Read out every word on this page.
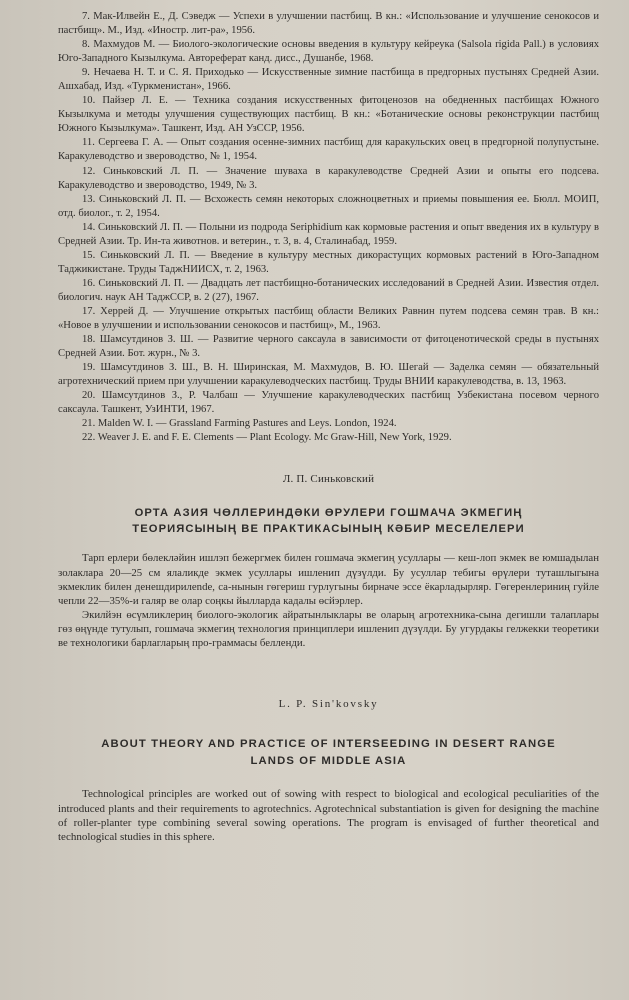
7. Мак-Илвейн Е., Д. Сэведж — Успехи в улучшении пастбищ. В кн.: «Использование и улучшение сенокосов и пастбищ». М., Изд. «Иностр. лит-ра», 1956.

8. Махмудов М. — Биолого-экологические основы введения в культуру кейреука (Salsola rigida Pall.) в условиях Юго-Западного Кызылкума. Автореферат канд. дисс., Душанбе, 1968.

9. Нечаева Н. Т. и С. Я. Приходько — Искусственные зимние пастбища в предгорных пустынях Средней Азии. Ашхабад, Изд. «Туркменистан», 1966.

10. Пайзер Л. Е. — Техника создания искусственных фитоценозов на обедненных пастбищах Южного Кызылкума и методы улучшения существующих пастбищ. В кн.: «Ботанические основы реконструкции пастбищ Южного Кызылкума». Ташкент, Изд. АН УзССР, 1956.

11. Сергеева Г. А. — Опыт создания осенне-зимних пастбищ для каракульских овец в предгорной полупустыне. Каракулеводство и звероводство, № 1, 1954.

12. Синьковский Л. П. — Значение шуваха в каракулеводстве Средней Азии и опыты его подсева. Каракулеводство и звероводство, 1949, № 3.

13. Синьковский Л. П. — Всхожесть семян некоторых сложноцветных и приемы повышения ее. Бюлл. МОИП, отд. биолог., т. 2, 1954.

14. Синьковский Л. П. — Полыни из подрода Seriphidium как кормовые растения и опыт введения их в культуру в Средней Азии. Тр. Ин-та животнов. и ветерин., т. 3, в. 4, Сталинабад, 1959.

15. Синьковский Л. П. — Введение в культуру местных дикорастущих кормовых растений в Юго-Западном Таджикистане. Труды ТаджНИИСХ, т. 2, 1963.

16. Синьковский Л. П. — Двадцать лет пастбищно-ботанических исследований в Средней Азии. Известия отдел. биологич. наук АН ТаджССР, в. 2 (27), 1967.

17. Херрей Д. — Улучшение открытых пастбищ области Великих Равнин путем подсева семян трав. В кн.: «Новое в улучшении и использовании сенокосов и пастбищ», М., 1963.

18. Шамсутдинов З. Ш. — Развитие черного саксаула в зависимости от фитоценотической среды в пустынях Средней Азии. Бот. журн., № 3.

19. Шамсутдинов З. Ш., В. Н. Ширинская, М. Махмудов, В. Ю. Шегай — Заделка семян — обязательный агротехнический прием при улучшении каракулеводческих пастбищ. Труды ВНИИ каракулеводства, в. 13, 1963.

20. Шамсутдинов З., Р. Чалбаш — Улучшение каракулеводческих пастбищ Узбекистана посевом черного саксаула. Ташкент, УзИНТИ, 1967.

21. Malden W. I. — Grassland Farming Pastures and Leys. London, 1924.

22. Weaver J. E. and F. E. Clements — Plant Ecology. Mc Graw-Hill, New York, 1929.

Л. П. Синьковский

ОРТА АЗИЯ ЧӨЛЛЕРИНДӘКИ ӨРУЛЕРИ ГОШМАЧА ЭКМЕГИҢ
ТЕОРИЯСЫНЫҢ ВЕ ПРАКТИКАСЫНЫҢ КӘБИР МЕСЕЛЕЛЕРИ

Тарп ерлери бөлекләйин ишлэп бежергмек билен гошмача экмегиң усуллары — кеш-лоп экмек ве юмшадылан золаклара 20—25 см ялаликде экмек усуллары ишленип дүзүлди. Бу усуллар тебигы өрүлери туташлыгына экмеклик билен денешдирилende, са-нынын гөгериш гурлугыны бирначе эссе ёкарладырляр. Гөгеренлериниң гуйле чепли 22—35%-и галяр ве олар соңкы йылларда кадалы өсйэрлер.

Экилйэн өсүмликлериң биолого-экологик айратынлыклары ве оларың агротехника-сына дегишли талаплары гөз өңүнде тутулып, гошмача экмегиң технология принциплери ишленип дүзүлди. Бу угурдакы гелжекки теоретики ве технологики барлагларың про-граммасы белленди.

L. P. Sin'kovsky

ABOUT THEORY AND PRACTICE OF INTERSEEDING IN DESERT RANGE
LANDS OF MIDDLE ASIA

Technological principles are worked out of sowing with respect to biological and ecological peculiarities of the introduced plants and their requirements to agrotechnics. Agrotechnical substantiation is given for designing the machine of roller-planter type combining several sowing operations. The program is envisaged of further theoretical and technological studies in this sphere.
